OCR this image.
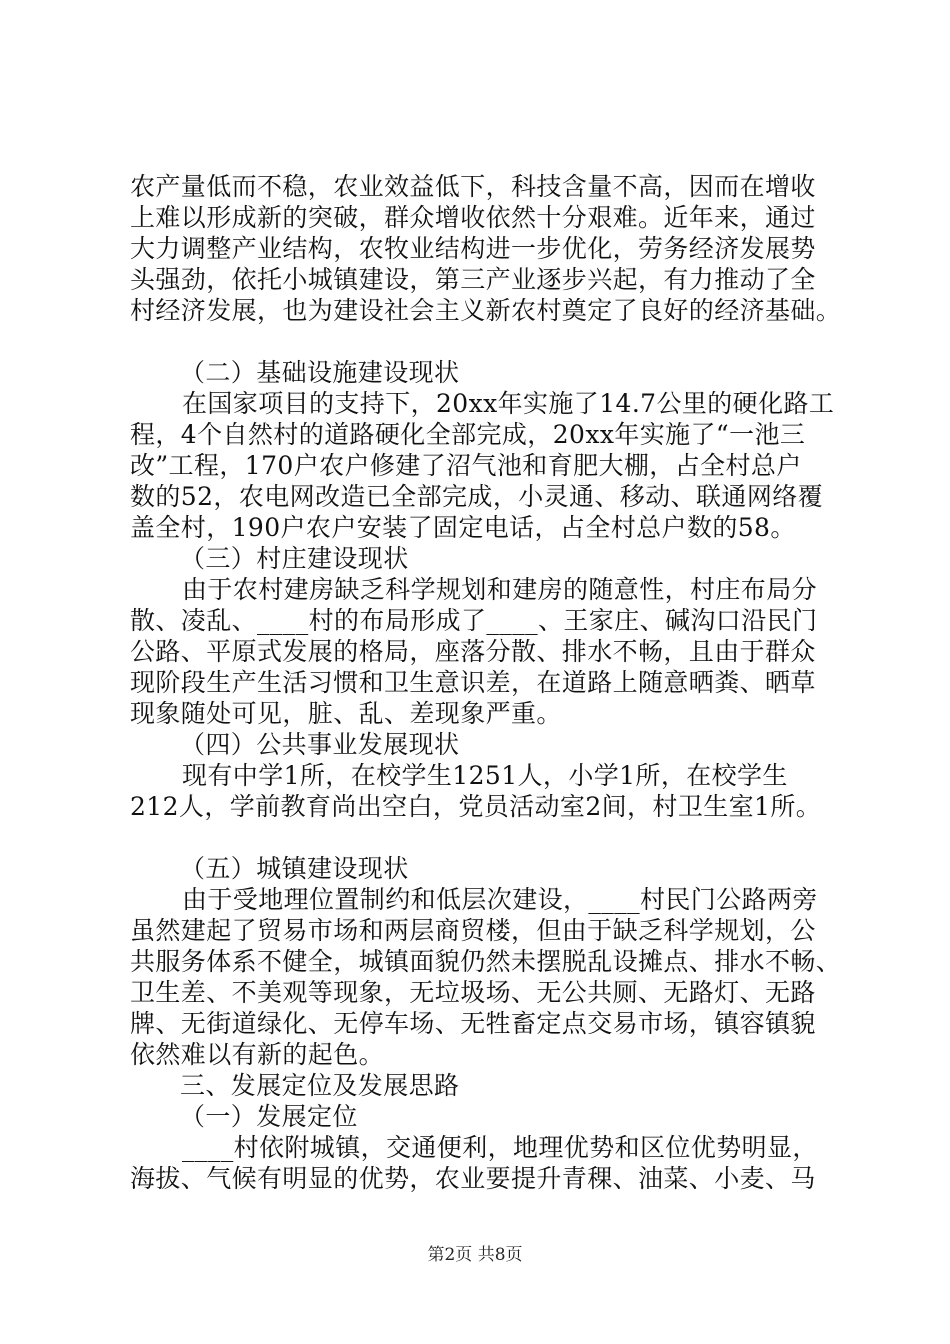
农产量低而不稳，农业效益低下，科技含量不高，因而在增收
上难以形成新的突破，群众增收依然十分艰难。近年来，通过
大力调整产业结构，农牧业结构进一步优化，劳务经济发展势
头强劲，依托小城镇建设，第三产业逐步兴起，有力推动了全
村经济发展，也为建设社会主义新农村奠定了良好的经济基础。
（二）基础设施建设现状
在国家项目的支持下，20xx年实施了14.7公里的硬化路工
程，4个自然村的道路硬化全部完成，20xx年实施了“一池三
改”工程，170户农户修建了沼气池和育肥大棚，占全村总户
数的52，农电网改造已全部完成，小灵通、移动、联通网络覆
盖全村，190户农户安装了固定电话，占全村总户数的58。
（三）村庄建设现状
由于农村建房缺乏科学规划和建房的随意性，村庄布局分
散、凌乱、____村的布局形成了____、王家庄、碱沟口沿民门
公路、平原式发展的格局，座落分散、排水不畅，且由于群众
现阶段生产生活习惯和卫生意识差，在道路上随意晒粪、晒草
现象随处可见，脏、乱、差现象严重。
（四）公共事业发展现状
现有中学1所，在校学生1251人，小学1所，在校学生
212人，学前教育尚出空白，党员活动室2间，村卫生室1所。
（五）城镇建设现状
由于受地理位置制约和低层次建设，____村民门公路两旁
虽然建起了贸易市场和两层商贸楼，但由于缺乏科学规划，公
共服务体系不健全，城镇面貌仍然未摆脱乱设摊点、排水不畅、
卫生差、不美观等现象，无垃圾场、无公共厕、无路灯、无路
牌、无街道绿化、无停车场、无牲畜定点交易市场，镇容镇貌
依然难以有新的起色。
三、发展定位及发展思路
（一）发展定位
____村依附城镇，交通便利，地理优势和区位优势明显，
海拔、气候有明显的优势，农业要提升青稞、油菜、小麦、马
第2页 共8页
